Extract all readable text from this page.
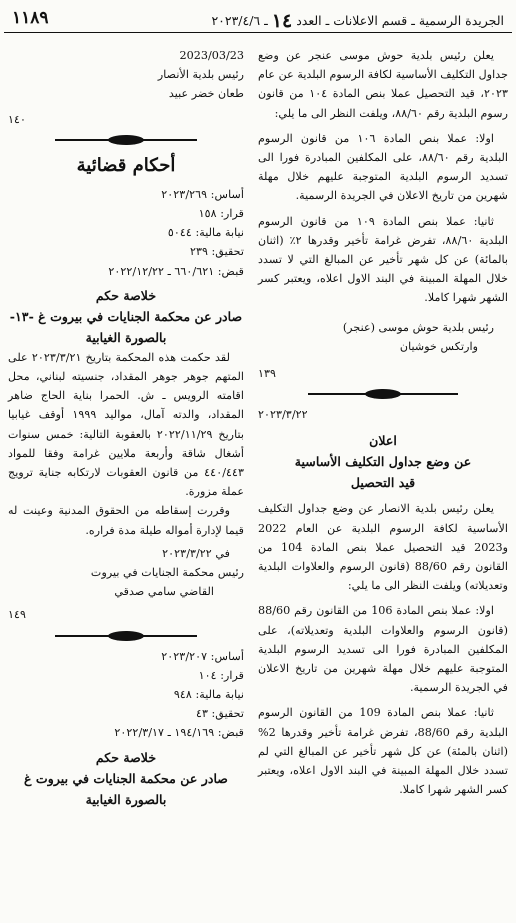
الجريدة الرسمية ـ قسم الاعلانات ـ العدد ١٤ ـ ٢٠٢٣/٤/٦
١١٨٩

يعلن رئيس بلدية حوش موسى عنجر عن وضع جداول التكليف الأساسية لكافة الرسوم البلدية عن عام ٢٠٢٣، قيد التحصيل عملا بنص المادة ١٠٤ من قانون رسوم البلدية رقم ٨٨/٦٠، ويلفت النظر الى ما يلي:

اولا: عملا بنص المادة ١٠٦ من قانون الرسوم البلدية رقم ٨٨/٦٠، على المكلفين المبادرة فورا الى تسديد الرسوم البلدية المتوجبة عليهم خلال مهلة شهرين من تاريخ الاعلان في الجريدة الرسمية.

ثانيا: عملا بنص المادة ١٠٩ من قانون الرسوم البلدية ٨٨/٦٠، تفرض غرامة تأخير وقدرها ٢٪ (اثنان بالمائة) عن كل شهر تأخير عن المبالغ التي لا تسدد خلال المهلة المبينة في البند الاول اعلاه، ويعتبر كسر الشهر شهرا كاملا.

رئيس بلدية حوش موسى (عنجر)
وارتكس خوشيان
١٣٩
٢٠٢٣/٣/٢٢
اعلان
عن وضع جداول التكليف الأساسية
قيد التحصيل

يعلن رئيس بلدية الانصار عن وضع جداول التكليف الأساسية لكافة الرسوم البلدية عن العام 2022 و2023 قيد التحصيل عملا بنص المادة 104 من القانون رقم 88/60 (قانون الرسوم والعلاوات البلدية وتعديلاته) ويلفت النظر الى ما يلي:

اولا: عملا بنص المادة 106 من القانون رقم 88/60 (قانون الرسوم والعلاوات البلدية وتعديلاته)، على المكلفين المبادرة فورا الى تسديد الرسوم البلدية المتوجبة عليهم خلال مهلة شهرين من تاريخ الاعلان في الجريدة الرسمية.

ثانيا: عملا بنص المادة 109 من القانون الرسوم البلدية رقم 88/60، تفرض غرامة تأخير وقدرها 2% (اثنان بالمئة) عن كل شهر تأخير عن المبالغ التي لم تسدد خلال المهلة المبينة في البند الاول اعلاه، ويعتبر كسر الشهر شهرا كاملا.

2023/03/23
رئيس بلدية الأنصار
طعان خضر عبيد
١٤٠
أحكام قضائية
أساس: ٢٠٢٣/٢٦٩
قرار: ١٥٨
نيابة مالية: ٥٠٤٤
تحقيق: ٢٣٩
قبض: ٦٦٠/٦٢١ ـ ٢٠٢٢/١٢/٢٢
خلاصة حكم
صادر عن محكمة الجنايات في بيروت غ -١٣-
بالصورة الغيابية

لقد حكمت هذه المحكمة بتاريخ ٢٠٢٣/٣/٢١ على المتهم جوهر جوهر المقداد، جنسيته لبناني، محل اقامته الرويس ـ ش. الحمرا بناية الحاج ضاهر المقداد، والدته آمال، مواليد ١٩٩٩ أوقف غيابيا بتاريخ ٢٠٢٢/١١/٢٩ بالعقوبة التالية: خمس سنوات أشغال شاقة وأربعة ملايين غرامة وفقا للمواد ٤٤٠/٤٤٣ من قانون العقوبات لارتكابه جناية ترويج عملة مزورة.

وقررت إسقاطه من الحقوق المدنية وعينت له قيما لإدارة أمواله طيلة مدة فراره.

في ٢٠٢٣/٣/٢٢
رئيس محكمة الجنايات في بيروت
القاضي سامي صدقي
١٤٩
أساس: ٢٠٢٣/٢٠٧
قرار: ١٠٤
نيابة مالية: ٩٤٨
تحقيق: ٤٣
قبض: ١٩٤/١٦٩ ـ ٢٠٢٢/٣/١٧
خلاصة حكم
صادر عن محكمة الجنايات في بيروت غ
بالصورة الغيابية
